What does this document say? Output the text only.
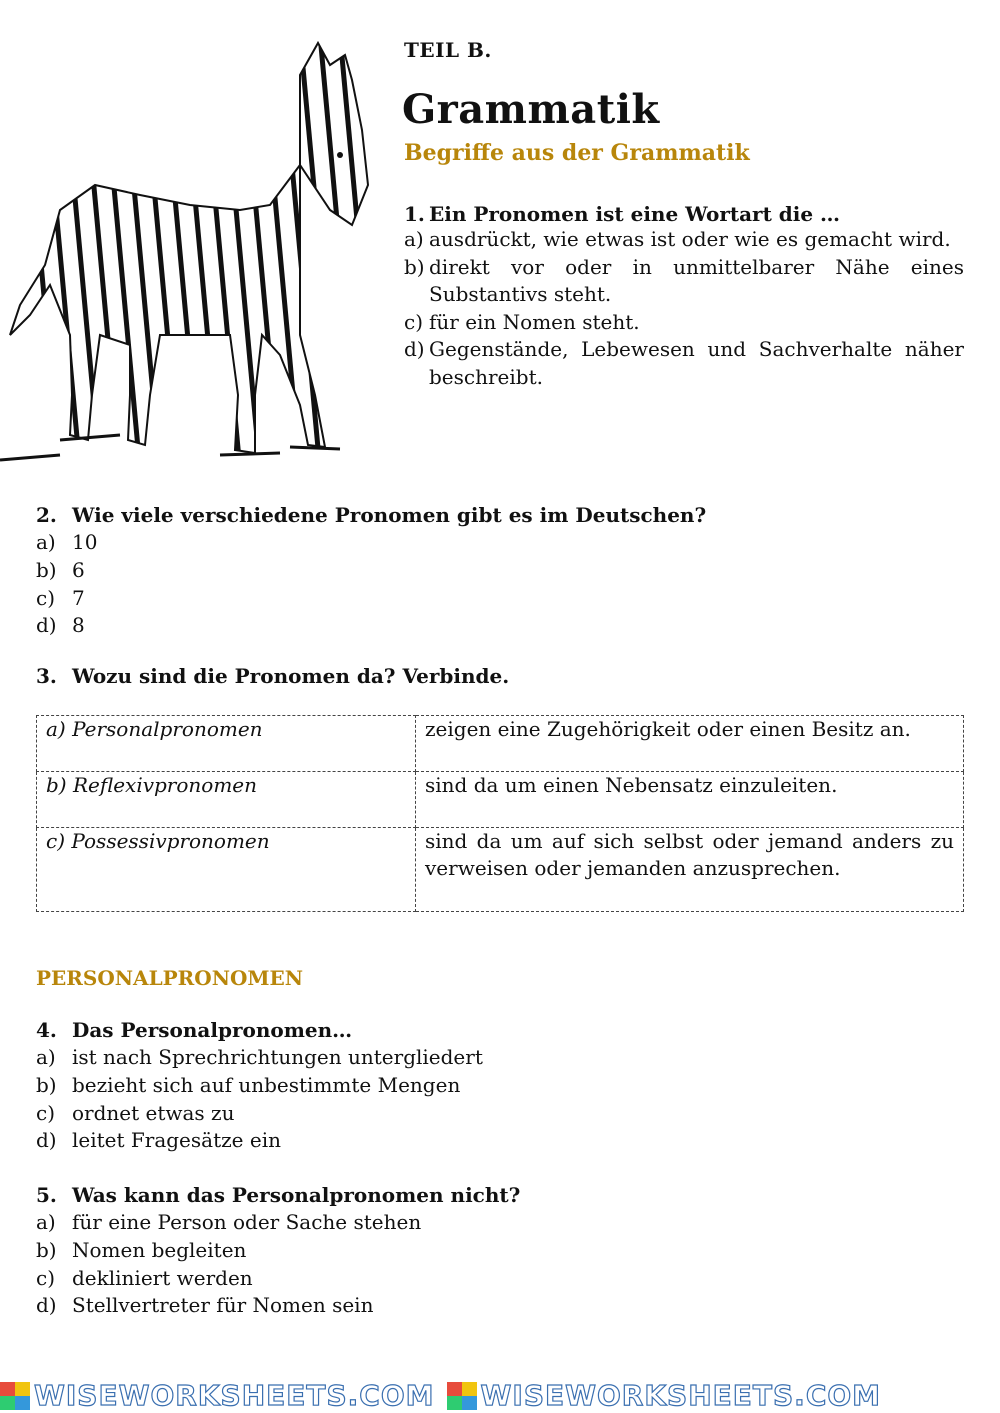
TEIL B.
Grammatik
Begriffe aus der Grammatik
1. Ein Pronomen ist eine Wortart die …
a) ausdrückt, wie etwas ist oder wie es gemacht wird.
b) direkt vor oder in unmittelbarer Nähe eines Substantivs steht.
c) für ein Nomen steht.
d) Gegenstände, Lebewesen und Sachverhalte näher beschreibt.
2. Wie viele verschiedene Pronomen gibt es im Deutschen?
a) 10
b) 6
c) 7
d) 8
3. Wozu sind die Pronomen da? Verbinde.
a) Personalpronomen	zeigen eine Zugehörigkeit oder einen Besitz an.
b) Reflexivpronomen	sind da um einen Nebensatz einzuleiten.
c) Possessivpronomen	sind da um auf sich selbst oder jemand anders zu verweisen oder jemanden anzusprechen.
PERSONALPRONOMEN
4. Das Personalpronomen…
a) ist nach Sprechrichtungen untergliedert
b) bezieht sich auf unbestimmte Mengen
c) ordnet etwas zu
d) leitet Fragesätze ein
5. Was kann das Personalpronomen nicht?
a) für eine Person oder Sache stehen
b) Nomen begleiten
c) dekliniert werden
d) Stellvertreter für Nomen sein
WISEWORKSHEETS.COM WISEWORKSHEETS.COM
